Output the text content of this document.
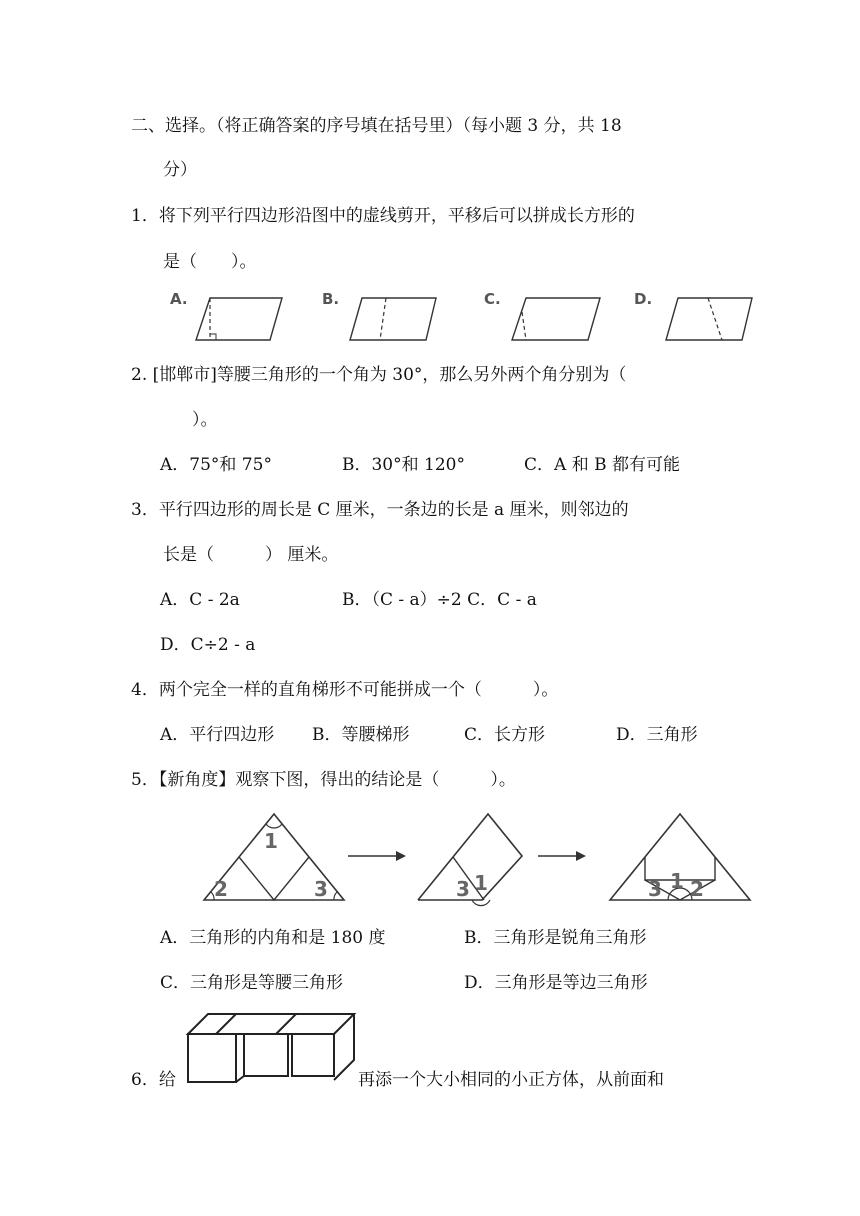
二、选择。（将正确答案的序号填在括号里）（每小题 3 分，共 18
分）
1．将下列平行四边形沿图中的虚线剪开，平移后可以拼成长方形的
是（　　）。
A.	B.	C.	D.
2. [邯郸市]等腰三角形的一个角为 30°，那么另外两个角分别为（
）。
A．75°和 75°	B．30°和 120°	C．A 和 B 都有可能
3．平行四边形的周长是 C 厘米，一条边的长是 a 厘米，则邻边的
长是（　　　） 厘米。
A．C - 2a	B．（C - a）÷2 C．C - a
D．C÷2 - a
4．两个完全一样的直角梯形不可能拼成一个（　　　）。
A．平行四边形 B．等腰梯形	C．长方形	D．三角形
5．【新角度】观察下图，得出的结论是（　　　）。
1
2	3	3 1	3 1 2
A．三角形的内角和是 180 度	B．三角形是锐角三角形
C．三角形是等腰三角形	D．三角形是等边三角形
6．给	再添一个大小相同的小正方体，从前面和
